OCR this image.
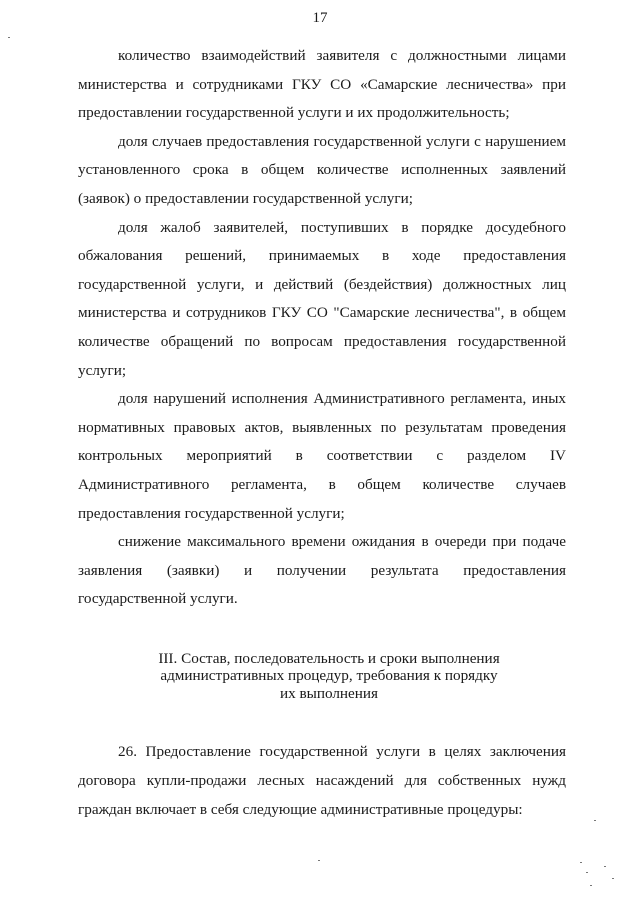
17

количество взаимодействий заявителя с должностными лицами министерства и сотрудниками ГКУ СО «Самарские лесничества» при предоставлении государственной услуги и их продолжительность;

доля случаев предоставления государственной услуги с нарушением установленного срока в общем количестве исполненных заявлений (заявок) о предоставлении государственной услуги;

доля жалоб заявителей, поступивших в порядке досудебного обжалования решений, принимаемых в ходе предоставления государственной услуги, и действий (бездействия) должностных лиц министерства и сотрудников ГКУ СО "Самарские лесничества", в общем количестве обращений по вопросам предоставления государственной услуги;

доля нарушений исполнения Административного регламента, иных нормативных правовых актов, выявленных по результатам проведения контрольных мероприятий в соответствии с разделом IV Административного регламента, в общем количестве случаев предоставления государственной услуги;

снижение максимального времени ожидания в очереди при подаче заявления (заявки) и получении результата предоставления государственной услуги.

III. Состав, последовательность и сроки выполнения
административных процедур, требования к порядку
их выполнения

26. Предоставление государственной услуги в целях заключения договора купли-продажи лесных насаждений для собственных нужд граждан включает в себя следующие административные процедуры:
